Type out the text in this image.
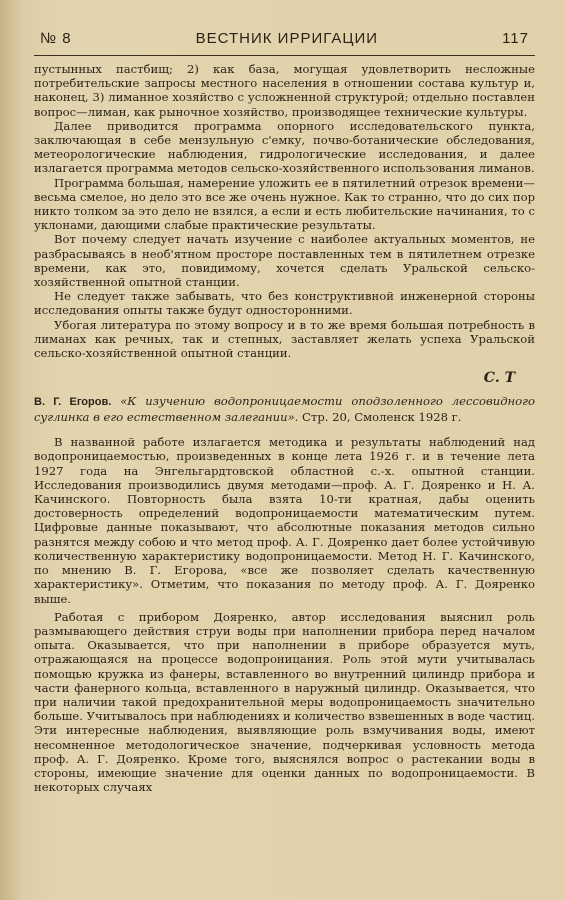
№ 8	ВЕСТНИК ИРРИГАЦИИ	117

пустынных пастбищ; 2) как база, могущая удовлетворить несложные потребительские запросы местного населения в отношении состава культур и, наконец, 3) лиманное хозяйство с усложненной структурой; отдельно поставлен вопрос—лиман, как рыночное хозяйство, производящее технические культуры.

Далее приводится программа опорного исследовательского пункта, заключающая в себе мензульную с'емку, почво-ботанические обследования, метеорологические наблюдения, гидрологические исследования, и далее излагается программа методов сельско-хозяйственного использования лиманов.

Программа большая, намерение уложить ее в пятилетний отрезок времени—весьма смелое, но дело это все же очень нужное. Как то странно, что до сих пор никто толком за это дело не взялся, а если и есть любительские начинания, то с уклонами, дающими слабые практические результаты.

Вот почему следует начать изучение с наиболее актуальных моментов, не разбрасываясь в необ'ятном просторе поставленных тем в пятилетнем отрезке времени, как это, повидимому, хочется сделать Уральской сельско-хозяйственной опытной станции.

Не следует также забывать, что без конструктивной инженерной стороны исследования опыты также будут односторонними.

Убогая литература по этому вопросу и в то же время большая потребность в лиманах как речных, так и степных, заставляет желать успеха Уральской сельско-хозяйственной опытной станции.

С. Т
В. Г. Егоров. «К изучению водопроницаемости оподзоленного лессовидного суглинка в его естественном залегании». Стр. 20, Смоленск 1928 г.

В названной работе излагается методика и результаты наблюдений над водопроницаемостью, произведенных в конце лета 1926 г. и в течение лета 1927 года на Энгельгардтовской областной с.-х. опытной станции. Исследования производились двумя методами—проф. А. Г. Дояренко и Н. А. Качинского. Повторность была взята 10-ти кратная, дабы оценить достоверность определений водопроницаемости математическим путем. Цифровые данные показывают, что абсолютные показания методов сильно разнятся между собою и что метод проф. А. Г. Дояренко дает более устойчивую количественную характеристику водопроницаемости. Метод Н. Г. Качинского, по мнению В. Г. Егорова, «все же позволяет сделать качественную характеристику». Отметим, что показания по методу проф. А. Г. Дояренко выше.

Работая с прибором Дояренко, автор исследования выяснил роль размывающего действия струи воды при наполнении прибора перед началом опыта. Оказывается, что при наполнении в приборе образуется муть, отражающаяся на процессе водопроницания. Роль этой мути учитывалась помощью кружка из фанеры, вставленного во внутренний цилиндр прибора и части фанерного кольца, вставленного в наружный цилиндр. Оказывается, что при наличии такой предохранительной меры водопроницаемость значительно больше. Учитывалось при наблюдениях и количество взвешенных в воде частиц. Эти интересные наблюдения, выявляющие роль взмучивания воды, имеют несомненное методологическое значение, подчеркивая условность метода проф. А. Г. Дояренко. Кроме того, выяснялся вопрос о растекании воды в стороны, имеющие значение для оценки данных по водопроницаемости. В некоторых случаях
